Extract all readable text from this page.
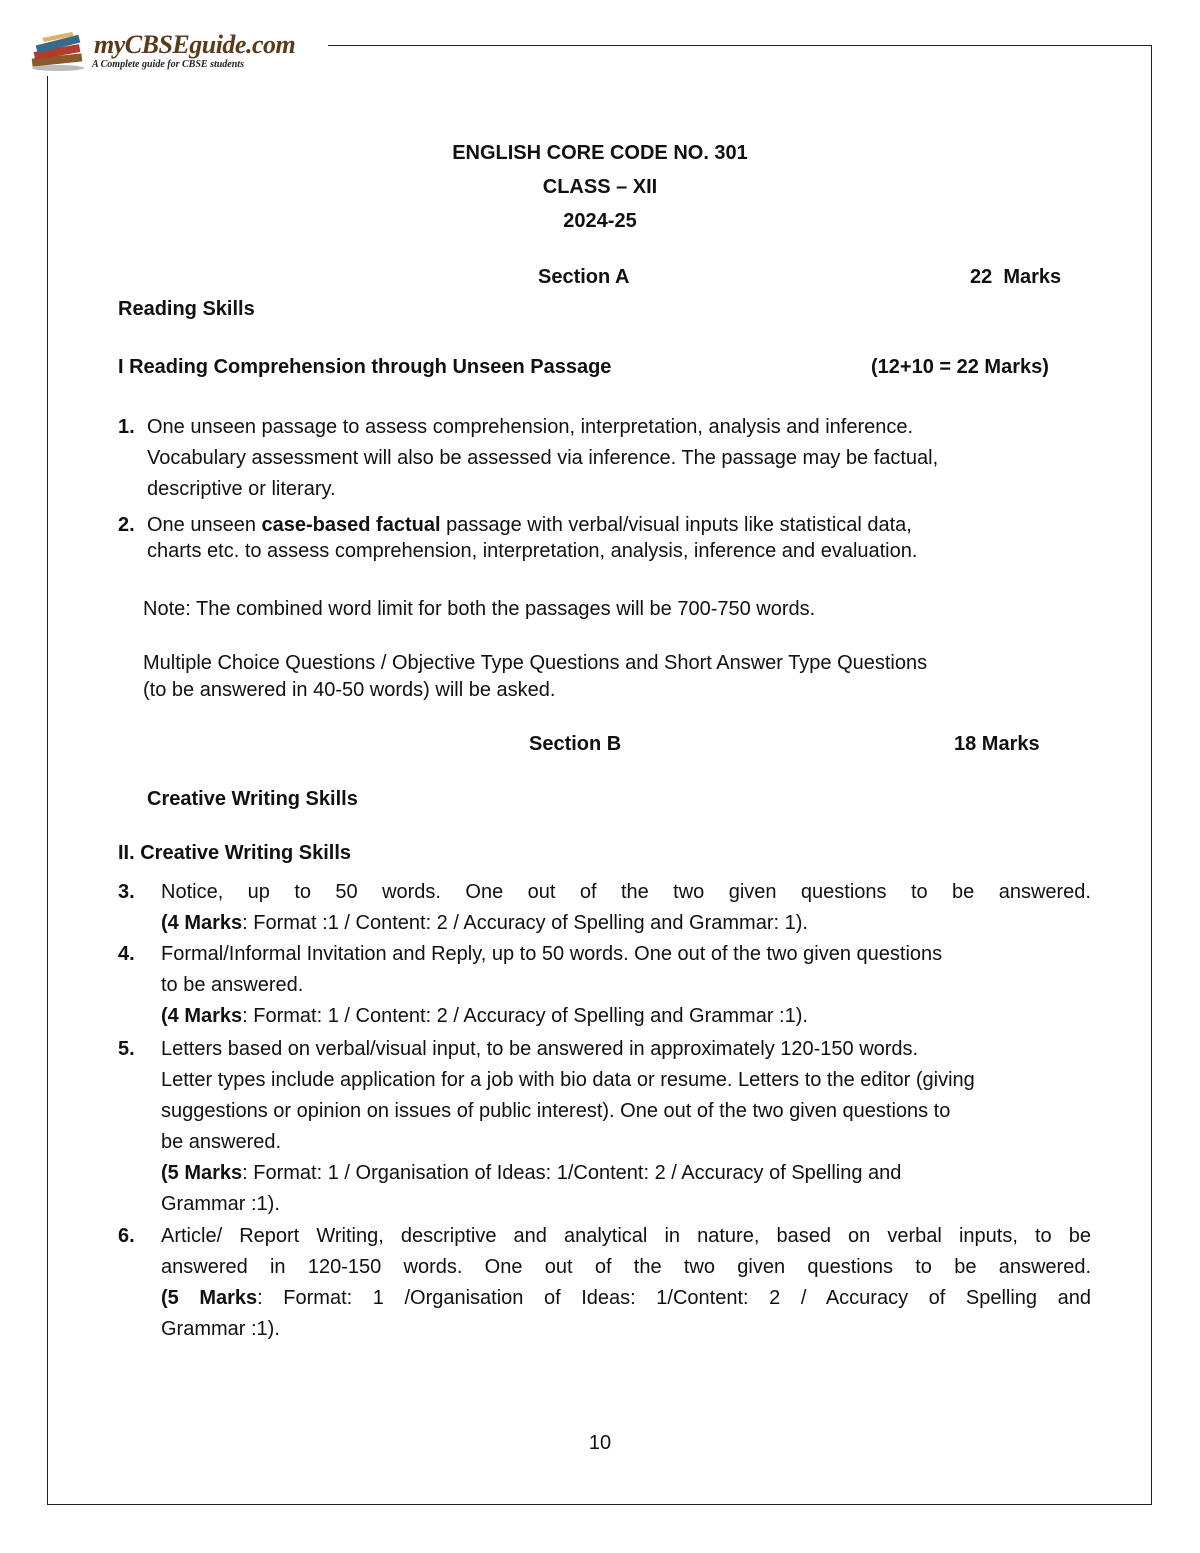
myCBSEguide.com
A Complete guide for CBSE students
ENGLISH CORE CODE NO. 301
CLASS – XII
2024-25
Section A	22  Marks
Reading Skills
I Reading Comprehension through Unseen Passage	(12+10 = 22 Marks)
1. One unseen passage to assess comprehension, interpretation, analysis and inference.
Vocabulary assessment will also be assessed via inference. The passage may be factual,
descriptive or literary.
2. One unseen case-based factual passage with verbal/visual inputs like statistical data,
charts etc. to assess comprehension, interpretation, analysis, inference and evaluation.
Note: The combined word limit for both the passages will be 700-750 words.
Multiple Choice Questions / Objective Type Questions and Short Answer Type Questions
(to be answered in 40-50 words) will be asked.
Section B	18 Marks
Creative Writing Skills
II. Creative Writing Skills
3. Notice, up to 50 words. One out of the two given questions to be answered.
(4 Marks: Format :1 / Content: 2 / Accuracy of Spelling and Grammar: 1).
4. Formal/Informal Invitation and Reply, up to 50 words. One out of the two given questions
to be answered.
(4 Marks: Format: 1 / Content: 2 / Accuracy of Spelling and Grammar :1).
5. Letters based on verbal/visual input, to be answered in approximately 120-150 words.
Letter types include application for a job with bio data or resume. Letters to the editor (giving
suggestions or opinion on issues of public interest). One out of the two given questions to
be answered.
(5 Marks: Format: 1 / Organisation of Ideas: 1/Content: 2 / Accuracy of Spelling and
Grammar :1).
6. Article/ Report Writing, descriptive and analytical in nature, based on verbal inputs, to be
answered in 120-150 words. One out of the two given questions to be answered.
(5 Marks: Format: 1 /Organisation of Ideas: 1/Content: 2 / Accuracy of Spelling and
Grammar :1).
10
